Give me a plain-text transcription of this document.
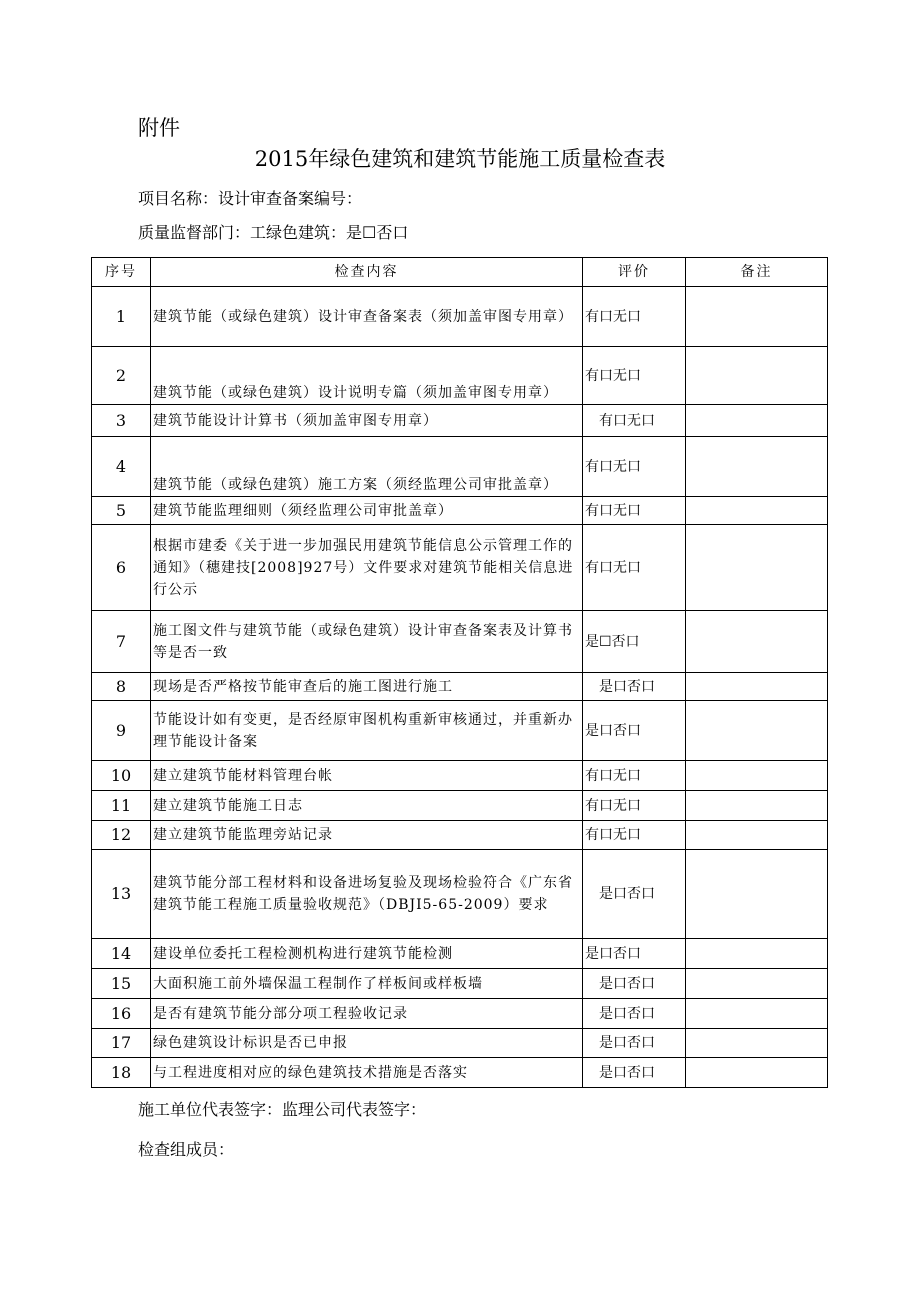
附件
2015年绿色建筑和建筑节能施工质量检查表
项目名称：设计审查备案编号：
质量监督部门：工绿色建筑：是☐否口
序号	检查内容	评价	备注
1	建筑节能（或绿色建筑）设计审查备案表（须加盖审图专用章）	有口无口	
2	建筑节能（或绿色建筑）设计说明专篇（须加盖审图专用章）	有口无口	
3	建筑节能设计计算书（须加盖审图专用章）	有口无口	
4	建筑节能（或绿色建筑）施工方案（须经监理公司审批盖章）	有口无口	
5	建筑节能监理细则（须经监理公司审批盖章）	有口无口	
6	根据市建委《关于进一步加强民用建筑节能信息公示管理工作的通知》（穗建技[2008]927号）文件要求对建筑节能相关信息进行公示	有口无口	
7	施工图文件与建筑节能（或绿色建筑）设计审查备案表及计算书等是否一致	是☐否口	
8	现场是否严格按节能审查后的施工图进行施工	是口否口	
9	节能设计如有变更，是否经原审图机构重新审核通过，并重新办理节能设计备案	是口否口	
10	建立建筑节能材料管理台帐	有口无口	
11	建立建筑节能施工日志	有口无口	
12	建立建筑节能监理旁站记录	有口无口	
13	建筑节能分部工程材料和设备进场复验及现场检验符合《广东省建筑节能工程施工质量验收规范》（DBJI5-65-2009）要求	是口否口	
14	建设单位委托工程检测机构进行建筑节能检测	是口否口	
15	大面积施工前外墙保温工程制作了样板间或样板墙	是口否口	
16	是否有建筑节能分部分项工程验收记录	是口否口	
17	绿色建筑设计标识是否已申报	是口否口	
18	与工程进度相对应的绿色建筑技术措施是否落实	是口否口	
施工单位代表签字：监理公司代表签字：
检查组成员：
